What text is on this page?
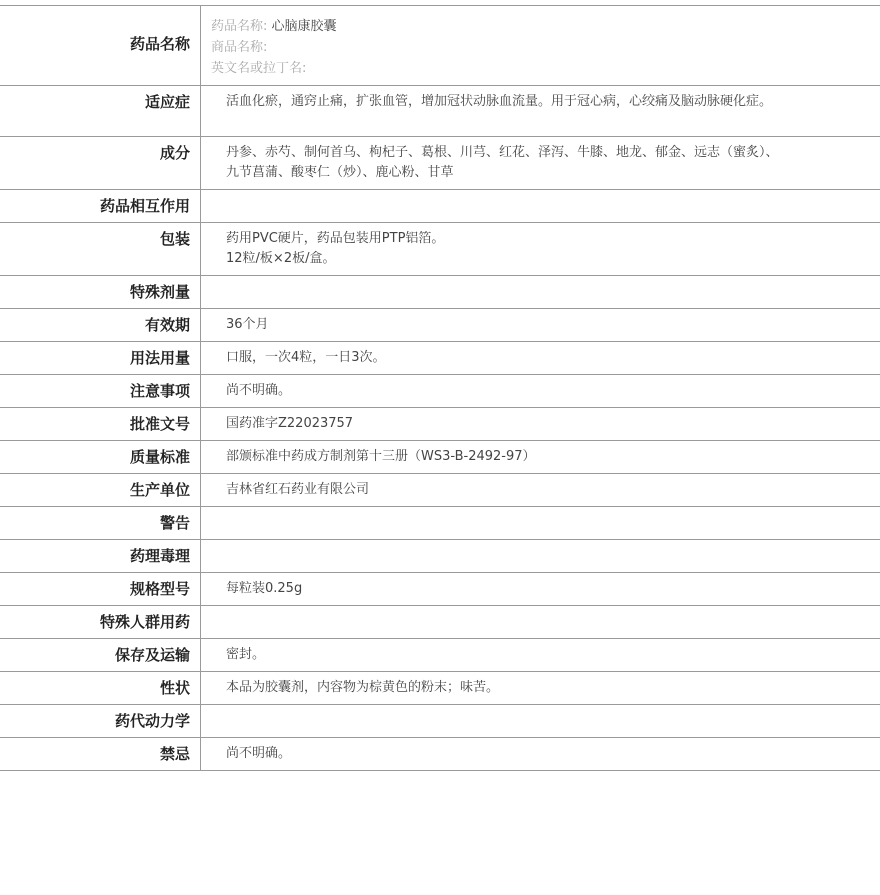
药品名称	药品名称: 心脑康胶囊
商品名称:
英文名或拉丁名:

适应症	活血化瘀，通窍止痛，扩张血管，增加冠状动脉血流量。用于冠心病，心绞痛及脑动脉硬化症。

成分	丹参、赤芍、制何首乌、枸杞子、葛根、川芎、红花、泽泻、牛膝、地龙、郁金、远志（蜜炙）、九节菖蒲、酸枣仁（炒）、鹿心粉、甘草

药品相互作用	

包装	药用PVC硬片，药品包装用PTP铝箔。
12粒/板×2板/盒。

特殊剂量	

有效期	36个月

用法用量	口服，一次4粒，一日3次。

注意事项	尚不明确。

批准文号	国药准字Z22023757

质量标准	部颁标准中药成方制剂第十三册（WS3-B-2492-97）

生产单位	吉林省红石药业有限公司

警告	

药理毒理	

规格型号	每粒装0.25g

特殊人群用药	

保存及运输	密封。

性状	本品为胶囊剂，内容物为棕黄色的粉末；味苦。

药代动力学	

禁忌	尚不明确。
